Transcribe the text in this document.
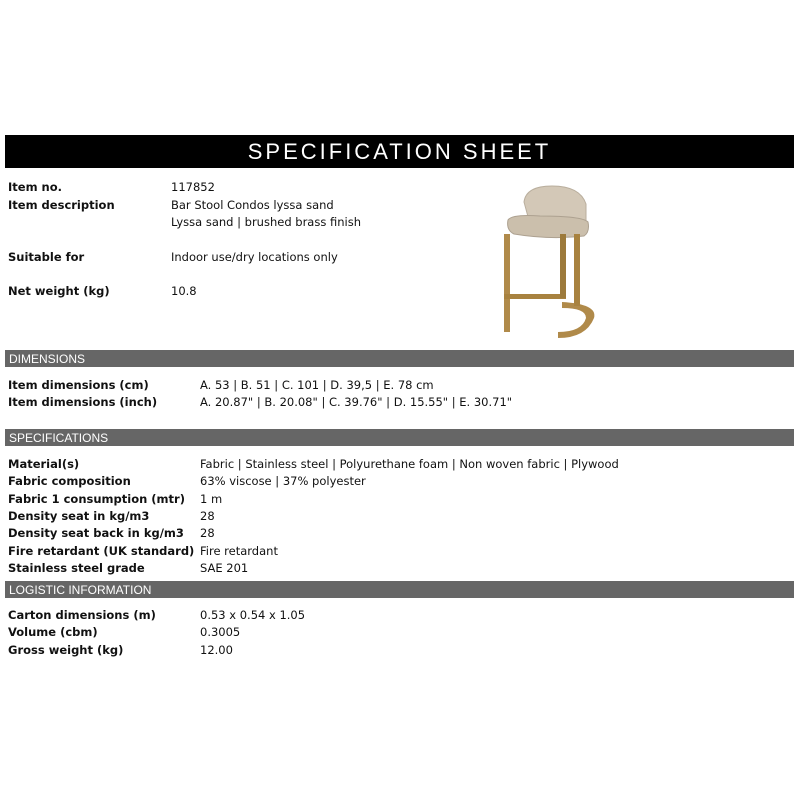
SPECIFICATION SHEET
Item no.	117852
Item description	Bar Stool Condos lyssa sand
Lyssa sand | brushed brass finish
Suitable for	Indoor use/dry locations only
Net weight (kg)	10.8
DIMENSIONS
Item dimensions (cm)	A. 53 | B. 51 | C. 101 | D. 39,5 | E. 78 cm
Item dimensions (inch)	A. 20.87" | B. 20.08" | C. 39.76" | D. 15.55" | E. 30.71"
SPECIFICATIONS
Material(s)	Fabric | Stainless steel | Polyurethane foam | Non woven fabric | Plywood
Fabric composition	63% viscose | 37% polyester
Fabric 1 consumption (mtr) 1 m
Density seat in kg/m3	28
Density seat back in kg/m3 28
Fire retardant (UK standard) Fire retardant
Stainless steel grade	SAE 201
LOGISTIC INFORMATION
Carton dimensions (m)	0.53 x 0.54 x 1.05
Volume (cbm)	0.3005
Gross weight (kg)	12.00
